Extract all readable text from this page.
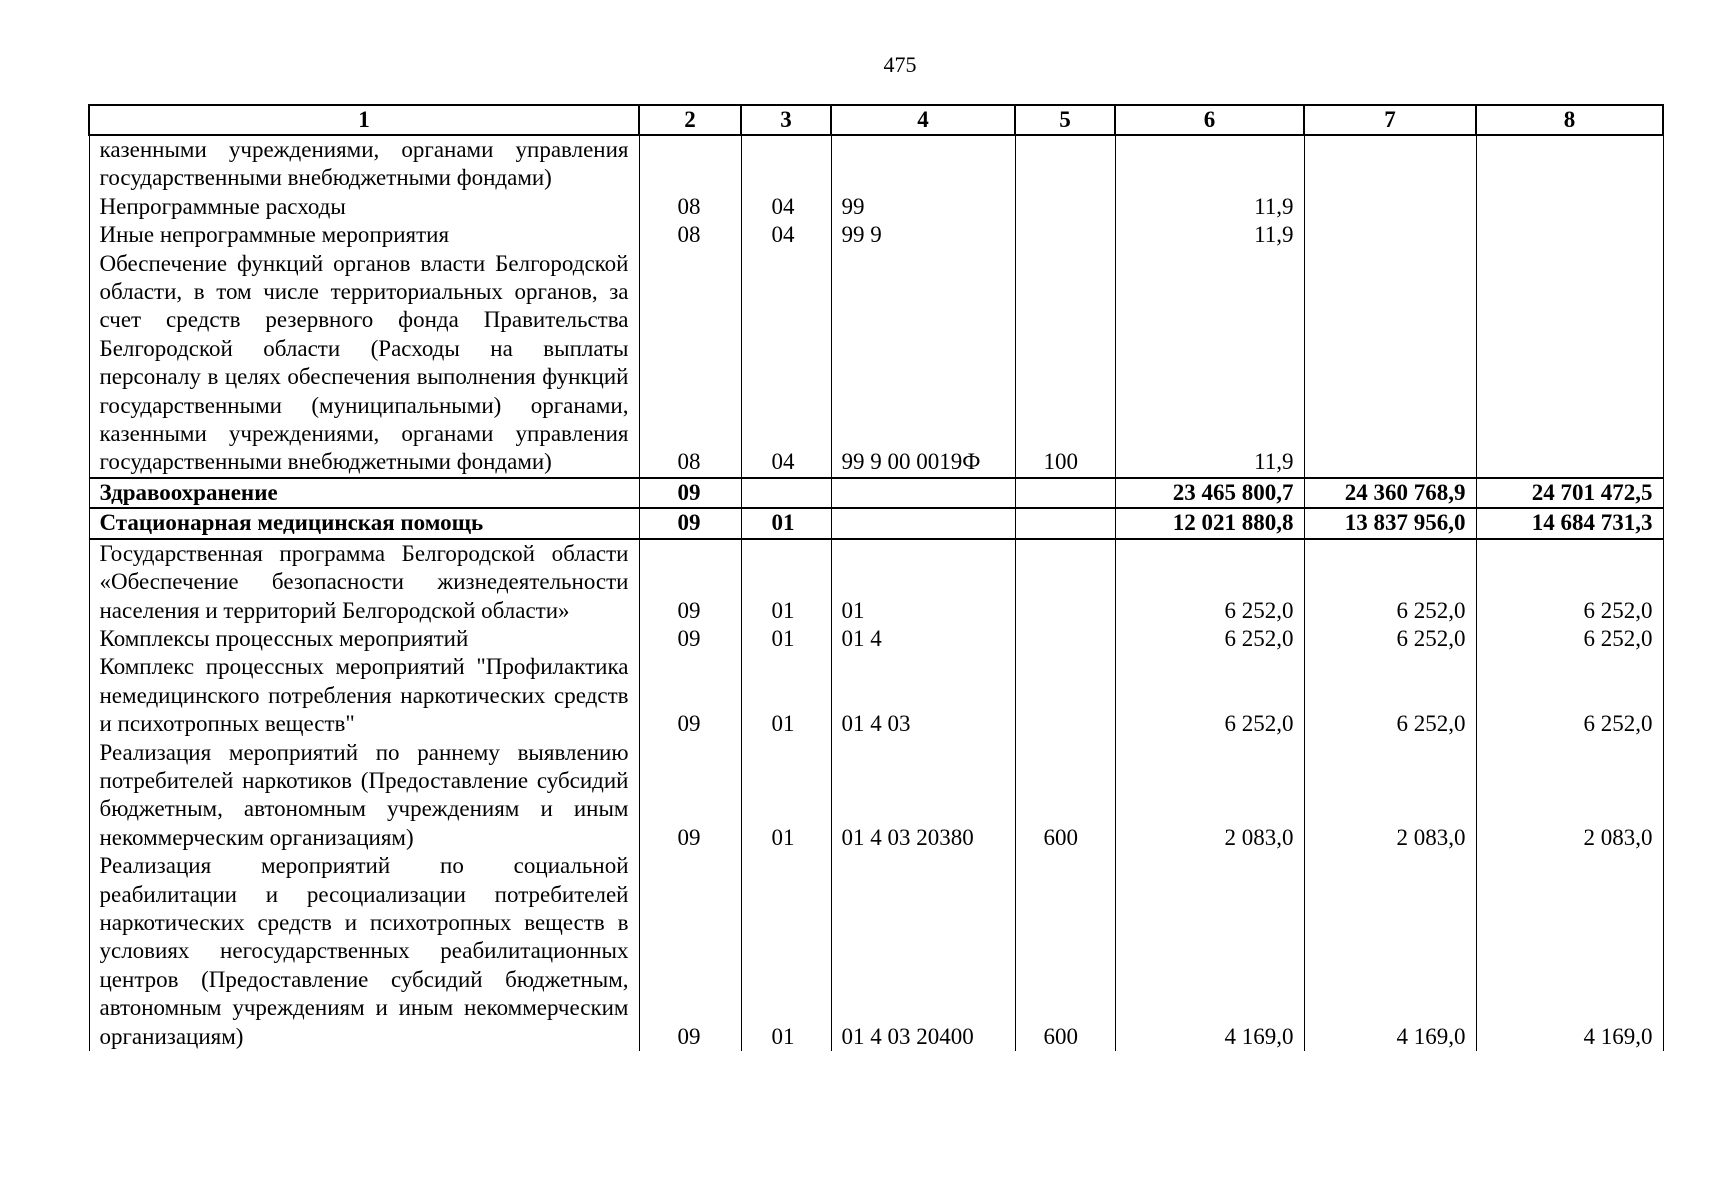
475
1	2	3	4	5	6	7	8
казенными учреждениями, органами управления государственными внебюджетными фондами)							
Непрограммные расходы	08	04	99		11,9		
Иные непрограммные мероприятия	08	04	99 9		11,9		
Обеспечение функций органов власти Белгородской области, в том числе территориальных органов, за счет средств резервного фонда Правительства Белгородской области (Расходы на выплаты персоналу в целях обеспечения выполнения функций государственными (муниципальными) органами, казенными учреждениями, органами управления государственными внебюджетными фондами)	08	04	99 9 00 0019Ф	100	11,9		
Здравоохранение	09				23 465 800,7	24 360 768,9	24 701 472,5
Стационарная медицинская помощь	09	01			12 021 880,8	13 837 956,0	14 684 731,3
Государственная программа Белгородской области «Обеспечение безопасности жизнедеятельности населения и территорий Белгородской области»	09	01	01		6 252,0	6 252,0	6 252,0
Комплексы процессных мероприятий	09	01	01 4		6 252,0	6 252,0	6 252,0
Комплекс процессных мероприятий "Профилактика немедицинского потребления наркотических средств и психотропных веществ"	09	01	01 4 03		6 252,0	6 252,0	6 252,0
Реализация мероприятий по раннему выявлению потребителей наркотиков (Предоставление субсидий бюджетным, автономным учреждениям и иным некоммерческим организациям)	09	01	01 4 03 20380	600	2 083,0	2 083,0	2 083,0
Реализация мероприятий по социальной реабилитации и ресоциализации потребителей наркотических средств и психотропных веществ в условиях негосударственных реабилитационных центров (Предоставление субсидий бюджетным, автономным учреждениям и иным некоммерческим организациям)	09	01	01 4 03 20400	600	4 169,0	4 169,0	4 169,0
